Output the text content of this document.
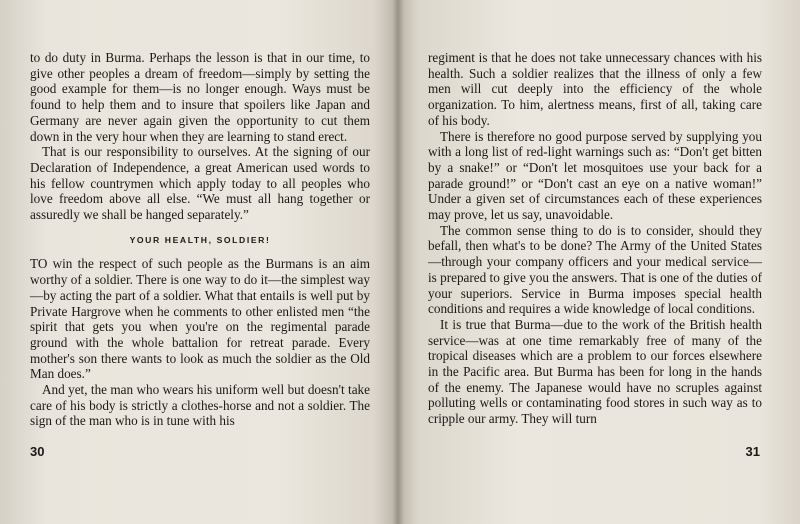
to do duty in Burma. Perhaps the lesson is that in our time, to give other peoples a dream of freedom—simply by setting the good example for them—is no longer enough. Ways must be found to help them and to insure that spoilers like Japan and Germany are never again given the opportunity to cut them down in the very hour when they are learning to stand erect.

That is our responsibility to ourselves. At the signing of our Declaration of Independence, a great American used words to his fellow countrymen which apply today to all peoples who love freedom above all else. “We must all hang together or assuredly we shall be hanged separately.”

YOUR HEALTH, SOLDIER!

TO win the respect of such people as the Burmans is an aim worthy of a soldier. There is one way to do it—the simplest way—by acting the part of a soldier. What that entails is well put by Private Hargrove when he comments to other enlisted men “the spirit that gets you when you're on the regimental parade ground with the whole battalion for retreat parade. Every mother's son there wants to look as much the soldier as the Old Man does.”

And yet, the man who wears his uniform well but doesn't take care of his body is strictly a clothes-horse and not a soldier. The sign of the man who is in tune with his

30

regiment is that he does not take unnecessary chances with his health. Such a soldier realizes that the illness of only a few men will cut deeply into the efficiency of the whole organization. To him, alertness means, first of all, taking care of his body.

There is therefore no good purpose served by supplying you with a long list of red-light warnings such as: “Don't get bitten by a snake!” or “Don't let mosquitoes use your back for a parade ground!” or “Don't cast an eye on a native woman!” Under a given set of circumstances each of these experiences may prove, let us say, unavoidable.

The common sense thing to do is to consider, should they befall, then what's to be done? The Army of the United States—through your company officers and your medical service—is prepared to give you the answers. That is one of the duties of your superiors. Service in Burma imposes special health conditions and requires a wide knowledge of local conditions.

It is true that Burma—due to the work of the British health service—was at one time remarkably free of many of the tropical diseases which are a problem to our forces elsewhere in the Pacific area. But Burma has been for long in the hands of the enemy. The Japanese would have no scruples against polluting wells or contaminating food stores in such way as to cripple our army. They will turn

31
